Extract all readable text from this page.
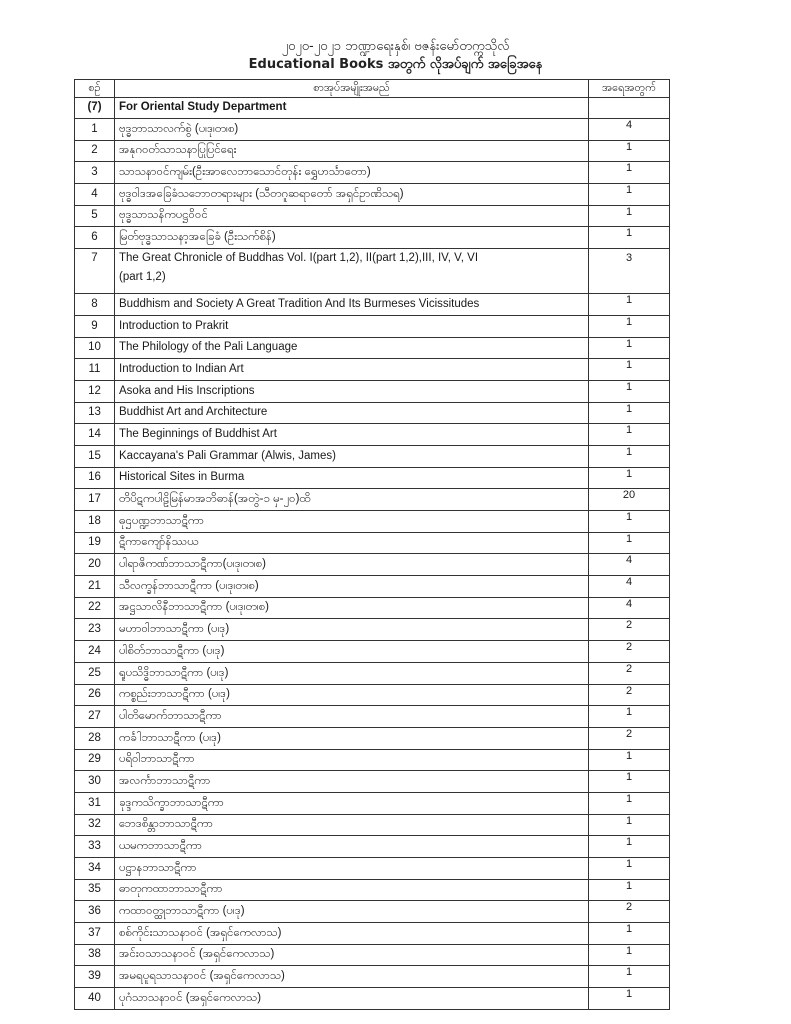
၂၀၂၀-၂၀၂၁ ဘဏ္ဍာရေးနှစ်၊ ဗဇန်းမော်တက္ကသိုလ်
Educational Books အတွက် လိုအပ်ချက် အခြေအနေ
စဉ်	စာအုပ်အမျိုးအမည်	အရေအတွက်
(7)	For Oriental Study Department	
1	ဗုဒ္ဓဘာသာလက်စွဲ (ပ၊ဒု၊တ၊စ)	4
2	အနုဂဝတ်သာသနာပြုပြင်ရေး	1
3	သာသနာဝင်ကျမ်း(ဦးအာလေဘာသောင်တုန်း ရွှေဟင်္သာတော)	1
4	ဗုဒ္ဓဝါဒအခြေခံသဘောတရားများ (သီတဂူဆရာတော် အရှင်ဥာဏိသရ)	1
5	ဗုဒ္ဓသာသနိကပဋ္ဌဝိဝင်	1
6	မြတ်ဗုဒ္ဓသာသနာ့အခြေခံ (ဦးသက်စိန်)	1
7	The Great Chronicle of Buddhas Vol. I(part 1,2), II(part 1,2),III, IV, V, VI
(part 1,2)	3
8	Buddhism and Society A Great Tradition And Its Burmeses Vicissitudes	1
9	Introduction to Prakrit	1
10	The Philology of the Pali Language	1
11	Introduction to Indian Art	1
12	Asoka and His Inscriptions	1
13	Buddhist Art and Architecture	1
14	The Beginnings of Buddhist Art	1
15	Kaccayana's Pali Grammar (Alwis, James)	1
16	Historical Sites in Burma	1
17	တိပိဋကပါဠိမြန်မာအဘိဓာန်(အတွဲ-၁ မှ-၂၀)ထိ	20
18	ဓုဌပဏ္ဍဘာသာဋီကာ	1
19	ဋီကာကျော်နိဿယ	1
20	ပါရာဇိကဏ်ဘာသာဋီကာ(ပ၊ဒု၊တ၊စ)	4
21	သီလက္ခန်ဘာသာဋီကာ (ပ၊ဒု၊တ၊စ)	4
22	အဋ္ဌသာလိနီဘာသာဋီကာ (ပ၊ဒု၊တ၊စ)	4
23	မဟာဝါဘာသာဋီကာ (ပ၊ဒု)	2
24	ပါစိတ်ဘာသာဋီကာ (ပ၊ဒု)	2
25	ရူပသိဒ္ဓိဘာသာဋီကာ (ပ၊ဒု)	2
26	ကစ္စည်းဘာသာဋီကာ (ပ၊ဒု)	2
27	ပါတိမောက်ဘာသာဋီကာ	1
28	ကင်္ခါဘာသာဋီကာ (ပ၊ဒု)	2
29	ပရိဝါဘာသာဋီကာ	1
30	အလင်္ကာဘာသာဋီကာ	1
31	ခုဒ္ဒကသိက္ခာဘာသာဋီကာ	1
32	ဘေဒစိန္တာဘာသာဋီကာ	1
33	ယမကဘာသာဋီကာ	1
34	ပဋ္ဌာနဘာသာဋီကာ	1
35	ဓာတုကထာဘာသာဋီကာ	1
36	ကထာဝတ္ထုဘာသာဋီကာ (ပ၊ဒု)	2
37	စစ်ကိုင်းသာသနာဝင် (အရှင်ကေလာသ)	1
38	အင်းဝသာသနာဝင် (အရှင်ကေလာသ)	1
39	အမရပူရသာသနာဝင် (အရှင်ကေလာသ)	1
40	ပုဂံသာသနာဝင် (အရှင်ကေလာသ)	1
